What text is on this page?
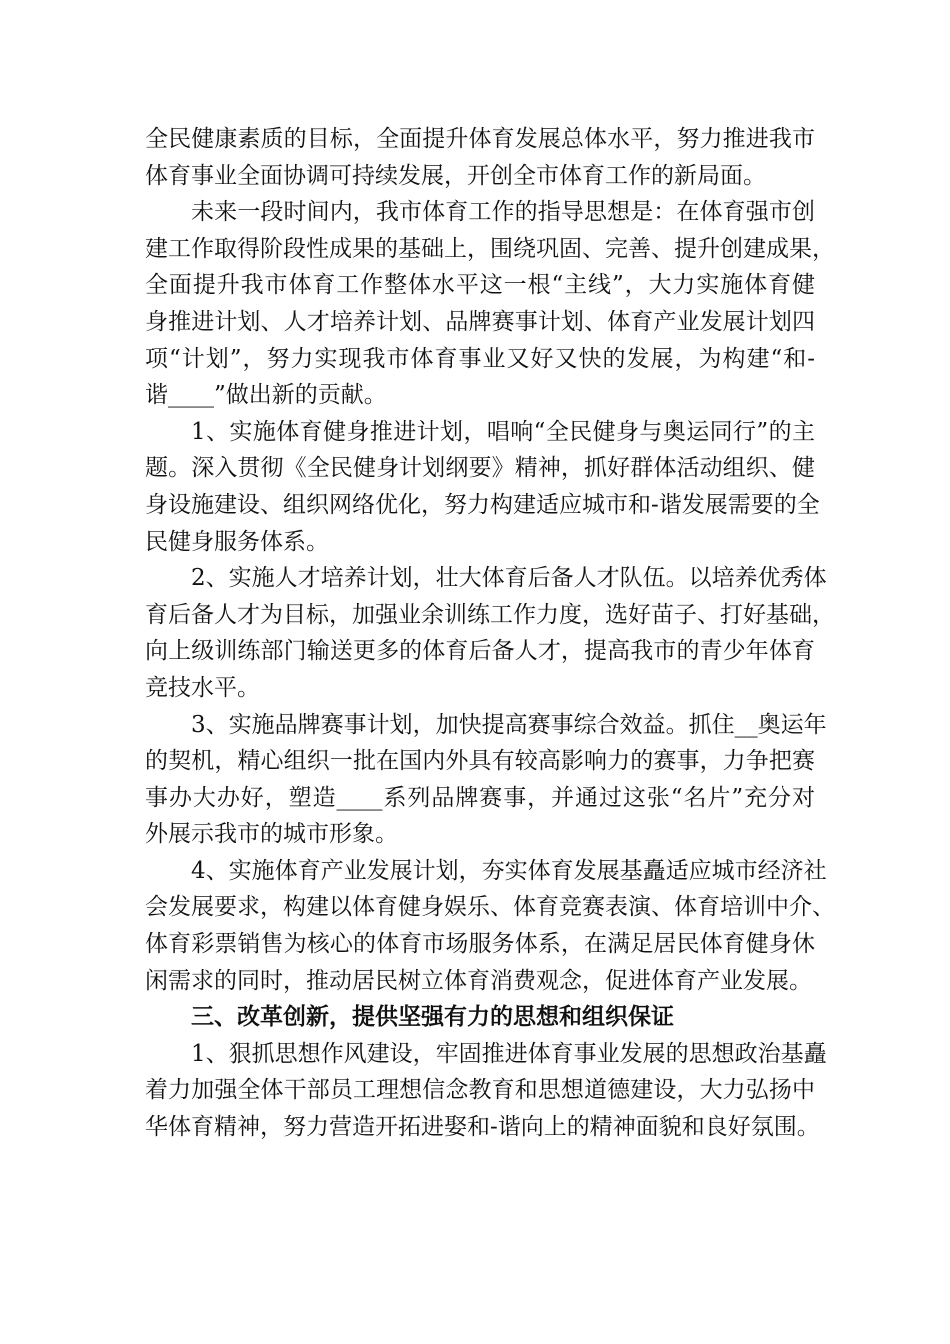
全民健康素质的目标，全面提升体育发展总体水平，努力推进我市
体育事业全面协调可持续发展，开创全市体育工作的新局面。
未来一段时间内，我市体育工作的指导思想是：在体育强市创
建工作取得阶段性成果的基础上，围绕巩固、完善、提升创建成果，
全面提升我市体育工作整体水平这一根“主线”，大力实施体育健
身推进计划、人才培养计划、品牌赛事计划、体育产业发展计划四
项“计划”，努力实现我市体育事业又好又快的发展，为构建“和-
谐____”做出新的贡献。
1、实施体育健身推进计划，唱响“全民健身与奥运同行”的主
题。深入贯彻《全民健身计划纲要》精神，抓好群体活动组织、健
身设施建设、组织网络优化，努力构建适应城市和-谐发展需要的全
民健身服务体系。
2、实施人才培养计划，壮大体育后备人才队伍。以培养优秀体
育后备人才为目标，加强业余训练工作力度，选好苗子、打好基础，
向上级训练部门输送更多的体育后备人才，提高我市的青少年体育
竞技水平。
3、实施品牌赛事计划，加快提高赛事综合效益。抓住__奥运年
的契机，精心组织一批在国内外具有较高影响力的赛事，力争把赛
事办大办好，塑造____系列品牌赛事，并通过这张“名片”充分对
外展示我市的城市形象。
4、实施体育产业发展计划，夯实体育发展基矗适应城市经济社
会发展要求，构建以体育健身娱乐、体育竞赛表演、体育培训中介、
体育彩票销售为核心的体育市场服务体系，在满足居民体育健身休
闲需求的同时，推动居民树立体育消费观念，促进体育产业发展。
三、改革创新，提供坚强有力的思想和组织保证
1、狠抓思想作风建设，牢固推进体育事业发展的思想政治基矗
着力加强全体干部员工理想信念教育和思想道德建设，大力弘扬中
华体育精神，努力营造开拓进娶和-谐向上的精神面貌和良好氛围。
